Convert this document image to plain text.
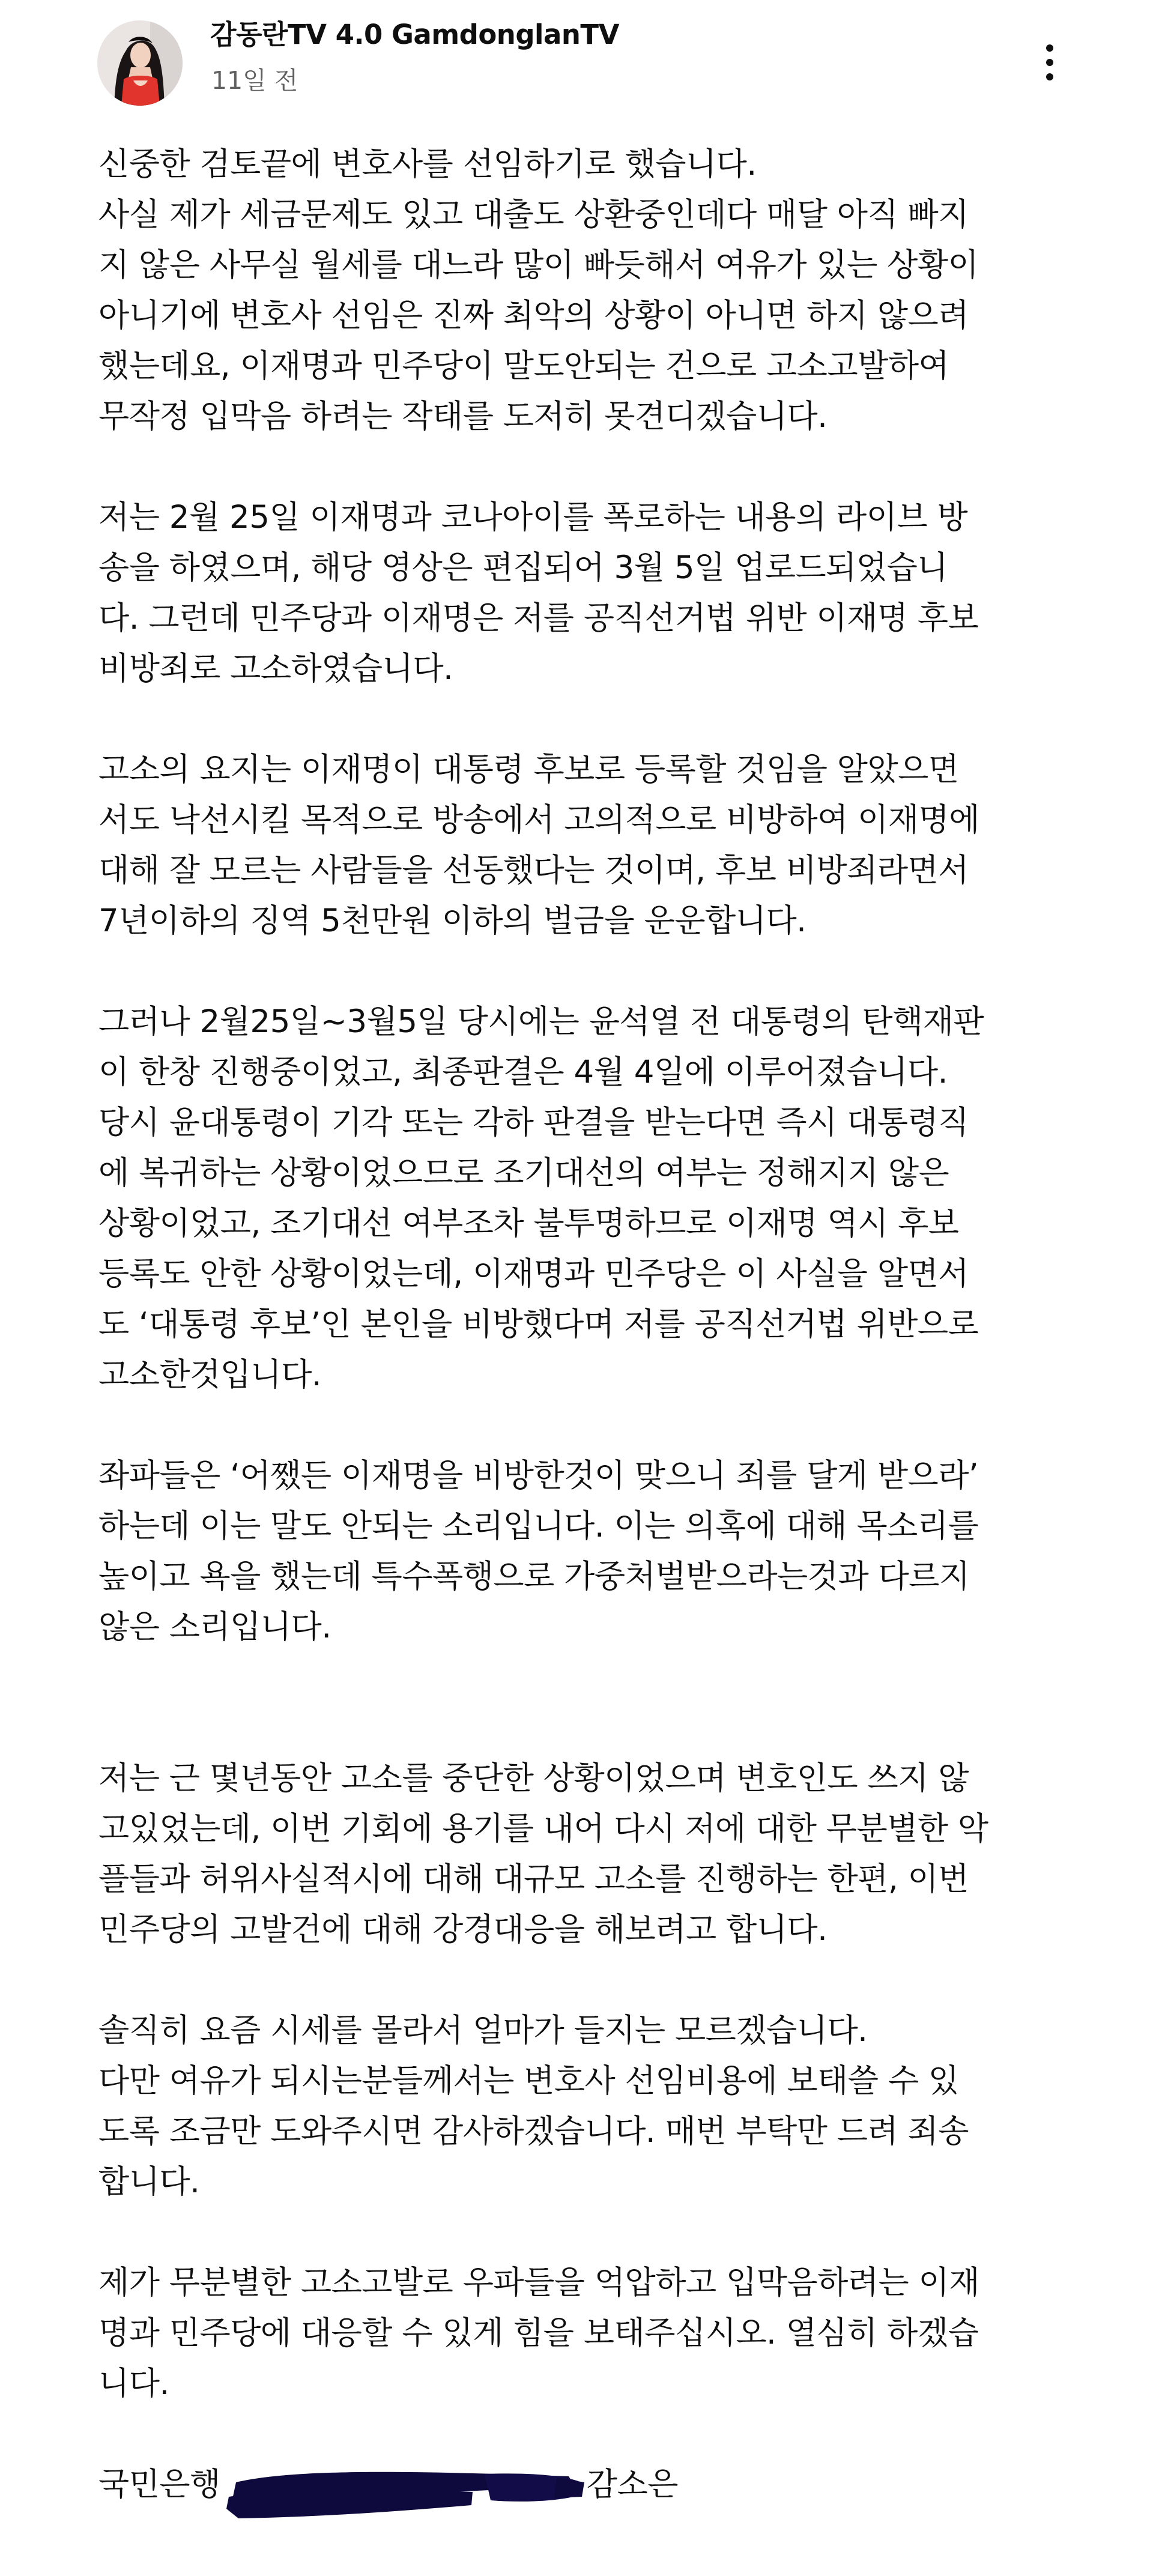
감동란TV 4.0 GamdonglanTV
11일 전
신중한 검토끝에 변호사를 선임하기로 했습니다.
사실 제가 세금문제도 있고 대출도 상환중인데다 매달 아직 빠지
지 않은 사무실 월세를 대느라 많이 빠듯해서 여유가 있는 상황이
아니기에 변호사 선임은 진짜 최악의 상황이 아니면 하지 않으려
했는데요, 이재명과 민주당이 말도안되는 건으로 고소고발하여
무작정 입막음 하려는 작태를 도저히 못견디겠습니다.
저는 2월 25일 이재명과 코나아이를 폭로하는 내용의 라이브 방
송을 하였으며, 해당 영상은 편집되어 3월 5일 업로드되었습니
다. 그런데 민주당과 이재명은 저를 공직선거법 위반 이재명 후보
비방죄로 고소하였습니다.
고소의 요지는 이재명이 대통령 후보로 등록할 것임을 알았으면
서도 낙선시킬 목적으로 방송에서 고의적으로 비방하여 이재명에
대해 잘 모르는 사람들을 선동했다는 것이며, 후보 비방죄라면서
7년이하의 징역 5천만원 이하의 벌금을 운운합니다.
그러나 2월25일~3월5일 당시에는 윤석열 전 대통령의 탄핵재판
이 한창 진행중이었고, 최종판결은 4월 4일에 이루어졌습니다.
당시 윤대통령이 기각 또는 각하 판결을 받는다면 즉시 대통령직
에 복귀하는 상황이었으므로 조기대선의 여부는 정해지지 않은
상황이었고, 조기대선 여부조차 불투명하므로 이재명 역시 후보
등록도 안한 상황이었는데, 이재명과 민주당은 이 사실을 알면서
도 ‘대통령 후보’인 본인을 비방했다며 저를 공직선거법 위반으로
고소한것입니다.
좌파들은 ‘어쨌든 이재명을 비방한것이 맞으니 죄를 달게 받으라’
하는데 이는 말도 안되는 소리입니다. 이는 의혹에 대해 목소리를
높이고 욕을 했는데 특수폭행으로 가중처벌받으라는것과 다르지
않은 소리입니다.
저는 근 몇년동안 고소를 중단한 상황이었으며 변호인도 쓰지 않
고있었는데, 이번 기회에 용기를 내어 다시 저에 대한 무분별한 악
플들과 허위사실적시에 대해 대규모 고소를 진행하는 한편, 이번
민주당의 고발건에 대해 강경대응을 해보려고 합니다.
솔직히 요즘 시세를 몰라서 얼마가 들지는 모르겠습니다.
다만 여유가 되시는분들께서는 변호사 선임비용에 보태쓸 수 있
도록 조금만 도와주시면 감사하겠습니다. 매번 부탁만 드려 죄송
합니다.
제가 무분별한 고소고발로 우파들을 억압하고 입막음하려는 이재
명과 민주당에 대응할 수 있게 힘을 보태주십시오. 열심히 하겠습
니다.
국민은행	감소은
